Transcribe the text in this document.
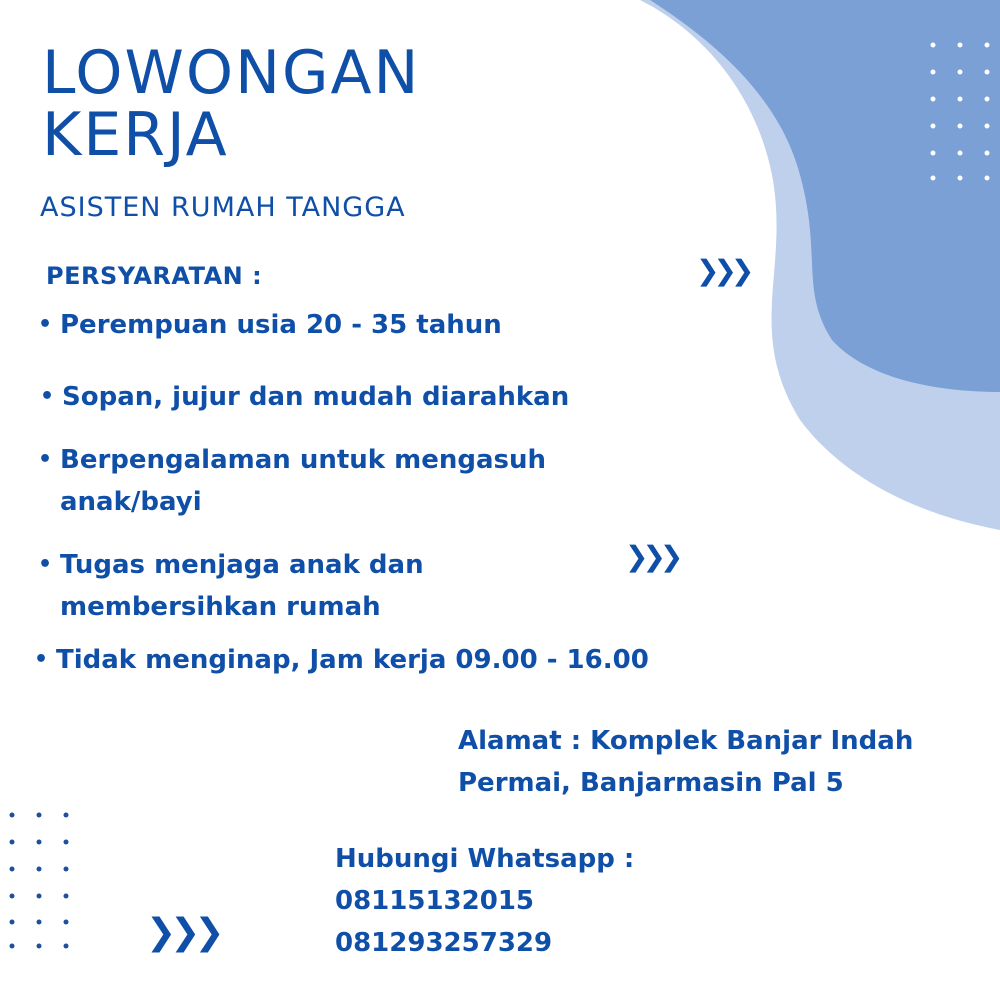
LOWONGAN
KERJA
ASISTEN RUMAH TANGGA
PERSYARATAN :
• Perempuan usia 20 - 35 tahun
• Sopan, jujur dan mudah diarahkan
• Berpengalaman untuk mengasuh
anak/bayi
• Tugas menjaga anak dan
membersihkan rumah
• Tidak menginap, Jam kerja 09.00 - 16.00
Alamat : Komplek Banjar Indah
Permai, Banjarmasin Pal 5
Hubungi Whatsapp :
08115132015
081293257329
❯❯❯
❯❯❯
❯❯❯
